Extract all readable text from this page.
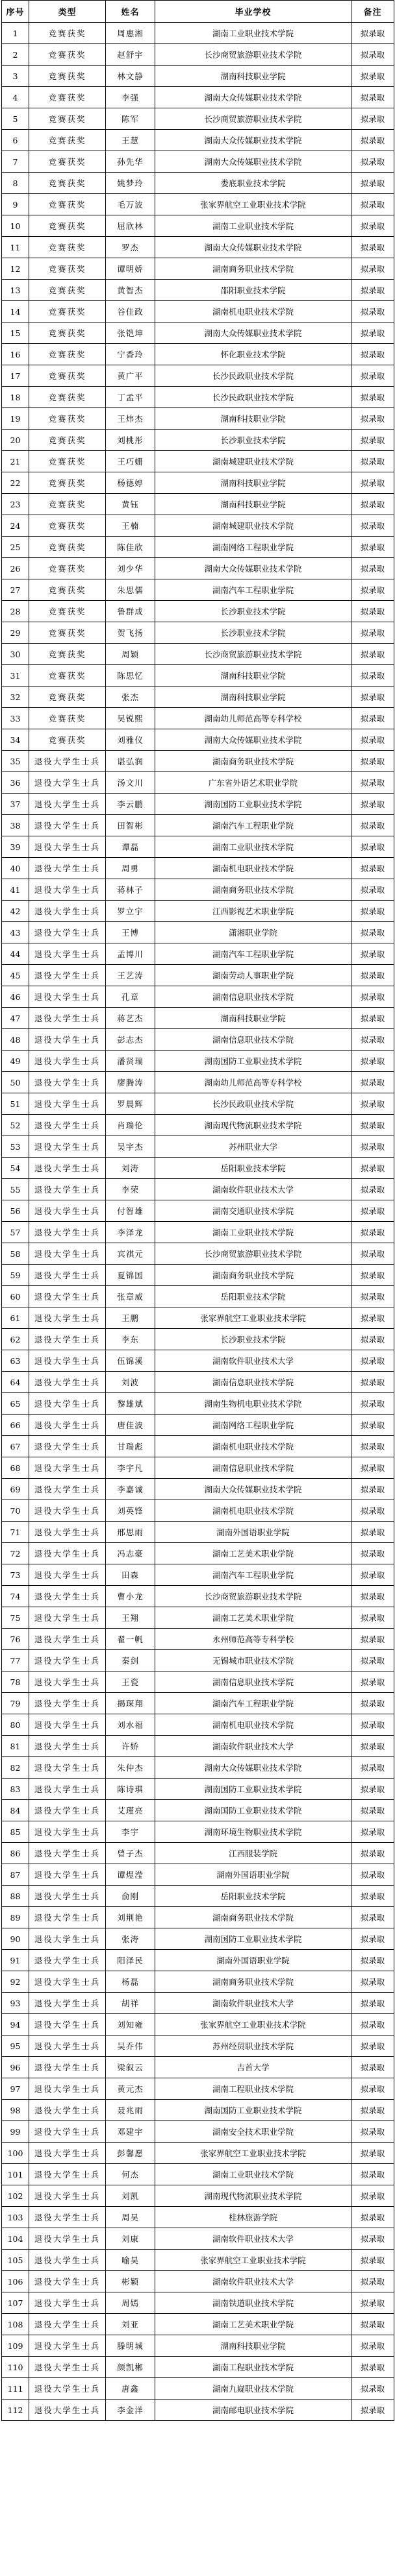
序号	类型	姓名	毕业学校	备注
1	竞赛获奖	周惠湘	湖南工业职业技术学院	拟录取
2	竞赛获奖	赵舒宇	长沙商贸旅游职业技术学院	拟录取
3	竞赛获奖	林文静	湖南科技职业学院	拟录取
4	竞赛获奖	李强	湖南大众传媒职业技术学院	拟录取
5	竞赛获奖	陈军	长沙商贸旅游职业技术学院	拟录取
6	竞赛获奖	王慧	湖南大众传媒职业技术学院	拟录取
7	竞赛获奖	孙先华	湖南大众传媒职业技术学院	拟录取
8	竞赛获奖	姚梦玲	娄底职业技术学院	拟录取
9	竞赛获奖	毛万波	张家界航空工业职业技术学院	拟录取
10	竞赛获奖	屈欣林	湖南工业职业技术学院	拟录取
11	竞赛获奖	罗杰	湖南大众传媒职业技术学院	拟录取
12	竞赛获奖	谭明娇	湖南商务职业技术学院	拟录取
13	竞赛获奖	黄智杰	邵阳职业技术学院	拟录取
14	竞赛获奖	谷佳政	湖南机电职业技术学院	拟录取
15	竞赛获奖	张铠坤	湖南大众传媒职业技术学院	拟录取
16	竞赛获奖	宁香玲	怀化职业技术学院	拟录取
17	竞赛获奖	黄广平	长沙民政职业技术学院	拟录取
18	竞赛获奖	丁孟平	长沙民政职业技术学院	拟录取
19	竞赛获奖	王炜杰	湖南科技职业学院	拟录取
20	竞赛获奖	刘桃彤	长沙职业技术学院	拟录取
21	竞赛获奖	王巧姗	湖南城建职业技术学院	拟录取
22	竞赛获奖	杨德婷	湖南科技职业学院	拟录取
23	竞赛获奖	黄钰	湖南科技职业学院	拟录取
24	竞赛获奖	王楠	湖南城建职业技术学院	拟录取
25	竞赛获奖	陈佳欣	湖南网络工程职业学院	拟录取
26	竞赛获奖	刘少华	湖南大众传媒职业技术学院	拟录取
27	竞赛获奖	朱思儒	湖南汽车工程职业学院	拟录取
28	竞赛获奖	鲁群成	长沙职业技术学院	拟录取
29	竞赛获奖	贺飞扬	长沙职业技术学院	拟录取
30	竞赛获奖	周颖	长沙商贸旅游职业技术学院	拟录取
31	竞赛获奖	陈思忆	湖南科技职业学院	拟录取
32	竞赛获奖	张杰	湖南科技职业学院	拟录取
33	竞赛获奖	吴锐熙	湖南幼儿师范高等专科学校	拟录取
34	竞赛获奖	刘雅仪	湖南大众传媒职业技术学院	拟录取
35	退役大学生士兵	谌弘润	湖南商务职业技术学院	拟录取
36	退役大学生士兵	汤文川	广东省外语艺术职业学院	拟录取
37	退役大学生士兵	李云鹏	湖南国防工业职业技术学院	拟录取
38	退役大学生士兵	田智彬	湖南汽车工程职业学院	拟录取
39	退役大学生士兵	谭磊	湖南工业职业技术学院	拟录取
40	退役大学生士兵	周勇	湖南机电职业技术学院	拟录取
41	退役大学生士兵	蒋林子	湖南商务职业技术学院	拟录取
42	退役大学生士兵	罗立宇	江西影视艺术职业学院	拟录取
43	退役大学生士兵	王博	潇湘职业学院	拟录取
44	退役大学生士兵	孟博川	湖南汽车工程职业学院	拟录取
45	退役大学生士兵	王艺涛	湖南劳动人事职业学院	拟录取
46	退役大学生士兵	孔章	湖南信息职业技术学院	拟录取
47	退役大学生士兵	蒋艺杰	湖南科技职业学院	拟录取
48	退役大学生士兵	彭志杰	湖南信息职业技术学院	拟录取
49	退役大学生士兵	潘贤瑞	湖南国防工业职业技术学院	拟录取
50	退役大学生士兵	廖腾涛	湖南幼儿师范高等专科学校	拟录取
51	退役大学生士兵	罗晨辉	长沙民政职业技术学院	拟录取
52	退役大学生士兵	肖瑞伦	湖南现代物流职业技术学院	拟录取
53	退役大学生士兵	吴宇杰	苏州职业大学	拟录取
54	退役大学生士兵	刘涛	岳阳职业技术学院	拟录取
55	退役大学生士兵	李荣	湖南软件职业技术大学	拟录取
56	退役大学生士兵	付智雄	湖南交通职业技术学院	拟录取
57	退役大学生士兵	李泽龙	湖南工业职业技术学院	拟录取
58	退役大学生士兵	宾祺元	长沙商贸旅游职业技术学院	拟录取
59	退役大学生士兵	夏锦国	湖南商务职业技术学院	拟录取
60	退役大学生士兵	张章威	岳阳职业技术学院	拟录取
61	退役大学生士兵	王鹏	张家界航空工业职业技术学院	拟录取
62	退役大学生士兵	李东	长沙职业技术学院	拟录取
63	退役大学生士兵	伍锦溪	湖南软件职业技术大学	拟录取
64	退役大学生士兵	刘波	湖南信息职业技术学院	拟录取
65	退役大学生士兵	黎雄斌	湖南生物机电职业技术学院	拟录取
66	退役大学生士兵	唐佳波	湖南网络工程职业学院	拟录取
67	退役大学生士兵	甘瑞彪	湖南机电职业技术学院	拟录取
68	退役大学生士兵	李宇凡	湖南信息职业技术学院	拟录取
69	退役大学生士兵	李嘉诚	湖南大众传媒职业技术学院	拟录取
70	退役大学生士兵	刘英锋	湖南机电职业技术学院	拟录取
71	退役大学生士兵	邢思雨	湖南外国语职业学院	拟录取
72	退役大学生士兵	冯志豪	湖南工艺美术职业学院	拟录取
73	退役大学生士兵	田森	湖南汽车工程职业学院	拟录取
74	退役大学生士兵	曹小龙	长沙商贸旅游职业技术学院	拟录取
75	退役大学生士兵	王翔	湖南工艺美术职业学院	拟录取
76	退役大学生士兵	翟一帆	永州师范高等专科学校	拟录取
77	退役大学生士兵	秦剑	无锡城市职业技术学院	拟录取
78	退役大学生士兵	王瓷	湖南信息职业技术学院	拟录取
79	退役大学生士兵	揭琛翔	湖南汽车工程职业学院	拟录取
80	退役大学生士兵	刘水福	湖南机电职业技术学院	拟录取
81	退役大学生士兵	许娇	湖南软件职业技术大学	拟录取
82	退役大学生士兵	朱仲杰	湖南大众传媒职业技术学院	拟录取
83	退役大学生士兵	陈诗琪	湖南国防工业职业技术学院	拟录取
84	退役大学生士兵	艾瑾亮	湖南国防工业职业技术学院	拟录取
85	退役大学生士兵	李宇	湖南环境生物职业技术学院	拟录取
86	退役大学生士兵	曾子杰	江西服装学院	拟录取
87	退役大学生士兵	谭煜滢	湖南外国语职业学院	拟录取
88	退役大学生士兵	俞刚	岳阳职业技术学院	拟录取
89	退役大学生士兵	刘荆艳	湖南商务职业技术学院	拟录取
90	退役大学生士兵	张涛	湖南国防工业职业技术学院	拟录取
91	退役大学生士兵	阳泽民	湖南外国语职业学院	拟录取
92	退役大学生士兵	杨磊	湖南商务职业技术学院	拟录取
93	退役大学生士兵	胡祥	湖南软件职业技术大学	拟录取
94	退役大学生士兵	刘知雍	张家界航空工业职业技术学院	拟录取
95	退役大学生士兵	吴乔伟	苏州经贸职业技术学院	拟录取
96	退役大学生士兵	梁叙云	吉首大学	拟录取
97	退役大学生士兵	黄元杰	湖南工程职业技术学院	拟录取
98	退役大学生士兵	聂兆雨	湖南国防工业职业技术学院	拟录取
99	退役大学生士兵	邓建宇	湖南安全技术职业学院	拟录取
100	退役大学生士兵	彭馨愿	张家界航空工业职业技术学院	拟录取
101	退役大学生士兵	何杰	湖南工业职业技术学院	拟录取
102	退役大学生士兵	刘凯	湖南现代物流职业技术学院	拟录取
103	退役大学生士兵	周昊	桂林旅游学院	拟录取
104	退役大学生士兵	刘康	湖南软件职业技术大学	拟录取
105	退役大学生士兵	喻昊	张家界航空工业职业技术学院	拟录取
106	退役大学生士兵	彬颖	湖南软件职业技术大学	拟录取
107	退役大学生士兵	周嫣	湖南铁道职业技术学院	拟录取
108	退役大学生士兵	刘亚	湖南工艺美术职业学院	拟录取
109	退役大学生士兵	滕明城	湖南科技职业学院	拟录取
110	退役大学生士兵	颜凯郴	湖南工程职业技术学院	拟录取
111	退役大学生士兵	唐鑫	湖南九嶷职业技术学院	拟录取
112	退役大学生士兵	李金洋	湖南邮电职业技术学院	拟录取
